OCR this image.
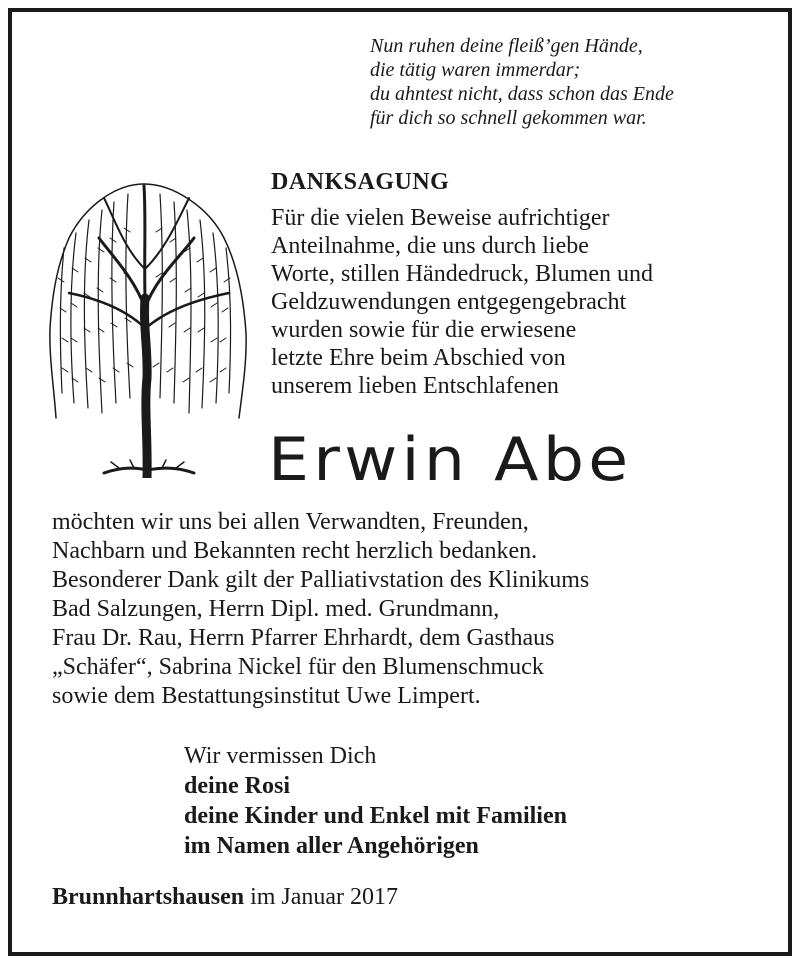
Nun ruhen deine fleiß’gen Hände,
die tätig waren immerdar;
du ahntest nicht, dass schon das Ende
für dich so schnell gekommen war.
DANKSAGUNG
Für die vielen Beweise aufrichtiger
Anteilnahme, die uns durch liebe
Worte, stillen Händedruck, Blumen und
Geldzuwendungen entgegengebracht
wurden sowie für die erwiesene
letzte Ehre beim Abschied von
unserem lieben Entschlafenen
Erwin Abe
möchten wir uns bei allen Verwandten, Freunden,
Nachbarn und Bekannten recht herzlich bedanken.
Besonderer Dank gilt der Palliativstation des Klinikums
Bad Salzungen, Herrn Dipl. med. Grundmann,
Frau Dr. Rau, Herrn Pfarrer Ehrhardt, dem Gasthaus
„Schäfer“, Sabrina Nickel für den Blumenschmuck
sowie dem Bestattungsinstitut Uwe Limpert.
Wir vermissen Dich
deine Rosi
deine Kinder und Enkel mit Familien
im Namen aller Angehörigen
Brunnhartshausen im Januar 2017
